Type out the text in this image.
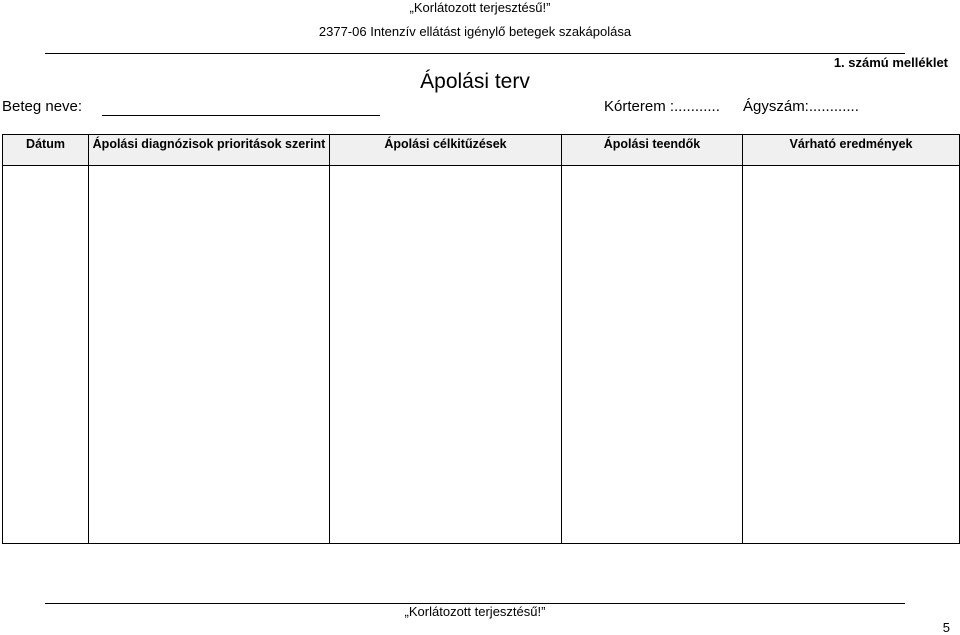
„Korlátozott terjesztésű!”
2377-06 Intenzív ellátást igénylő betegek szakápolása
1. számú melléklet
Ápolási terv
Beteg neve:	Kórterem :........... Ágyszám:............
Dátum	Ápolási diagnózisok prioritások szerint	Ápolási célkitűzések	Ápolási teendők	Várható eredmények

„Korlátozott terjesztésű!”
5
